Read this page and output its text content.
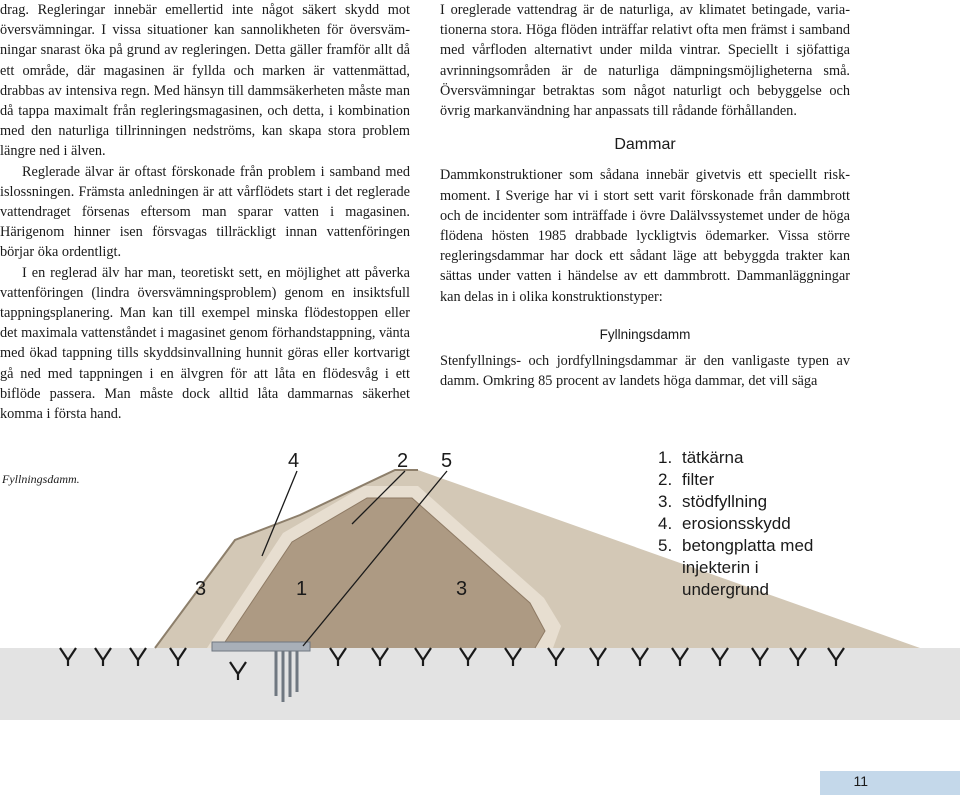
drag. Regleringar innebär emellertid inte något säkert skydd mot översvämningar. I vissa situationer kan sannolikheten för översvämningar snarast öka på grund av regleringen. Detta gäller framför allt då ett område, där magasinen är fyllda och marken är vattenmättad, drabbas av intensiva regn. Med hänsyn till dammsäkerheten måste man då tappa maximalt från regleringsmagasinen, och detta, i kombination med den naturliga tillrinningen nedströms, kan skapa stora problem längre ned i älven.

Reglerade älvar är oftast förskonade från problem i samband med islossningen. Främsta anledningen är att vårflödets start i det reglerade vattendraget försenas eftersom man sparar vatten i magasinen. Härigenom hinner isen försvagas tillräckligt innan vattenföringen börjar öka ordentligt.

I en reglerad älv har man, teoretiskt sett, en möjlighet att påverka vattenföringen (lindra översvämningsproblem) genom en insiktsfull tappningsplanering. Man kan till exempel minska flödestoppen eller det maximala vattenståndet i magasinet genom förhandstappning, vänta med ökad tappning tills skyddsinvallning hunnit göras eller kortvarigt gå ned med tappningen i en älvgren för att låta en flödesvåg i ett biflöde passera. Man måste dock alltid låta dammarnas säkerhet komma i första hand.

I oreglerade vattendrag är de naturliga, av klimatet betingade, variationerna stora. Höga flöden inträffar relativt ofta men främst i samband med vårfloden alternativt under milda vintrar. Speciellt i sjöfattiga avrinningsområden är de naturliga dämpningsmöjligheterna små. Översvämningar betraktas som något naturligt och bebyggelse och övrig markanvändning har anpassats till rådande förhållanden.

Dammar

Dammkonstruktioner som sådana innebär givetvis ett speciellt riskmoment. I Sverige har vi i stort sett varit förskonade från dammbrott och de incidenter som inträffade i övre Dalälvssystemet under de höga flödena hösten 1985 drabbade lyckligtvis ödemarker. Vissa större regleringsdammar har dock ett sådant läge att bebyggda trakter kan sättas under vatten i händelse av ett dammbrott. Dammanläggningar kan delas in i olika konstruktionstyper:

Fyllningsdamm

Stenfyllnings- och jordfyllningsdammar är den vanligaste typen av damm. Omkring 85 procent av landets höga dammar, det vill säga

Fyllningsdamm.
4	2 5
3	1	3
1. tätkärna
2. filter
3. stödfyllning
4. erosionsskydd
5. betongplatta med injekterin i undergrund
11
